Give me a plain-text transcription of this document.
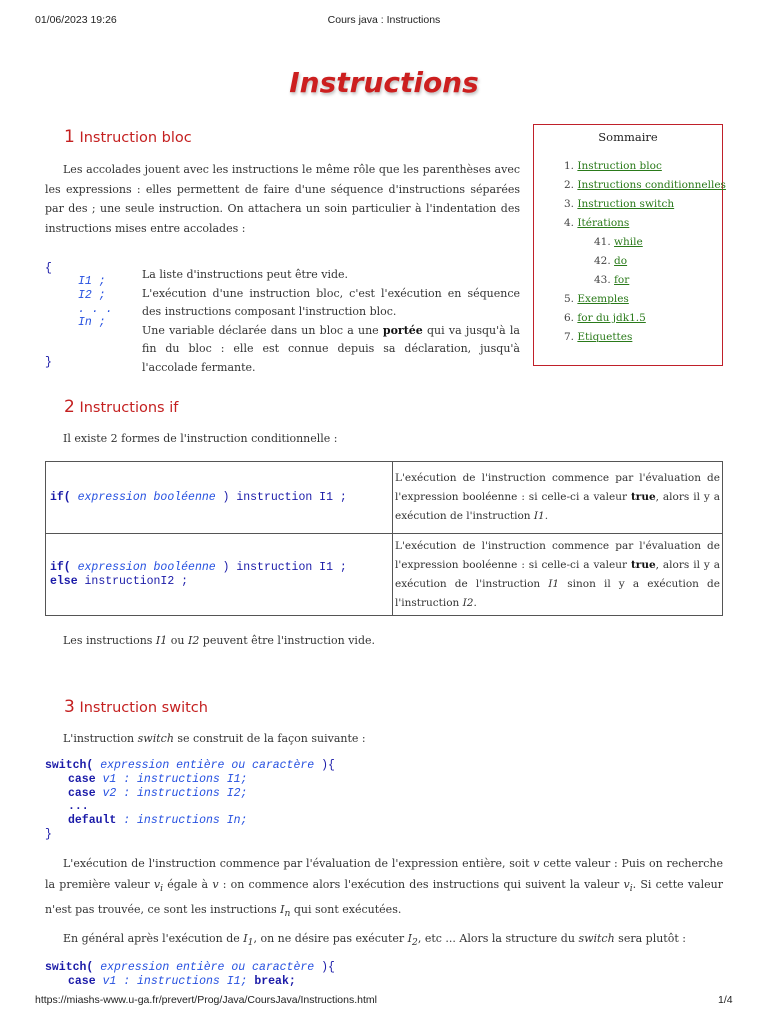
01/06/2023 19:26	Cours java : Instructions
https://miashs-www.u-ga.fr/prevert/Prog/Java/CoursJava/Instructions.html	1/4
Instructions
Sommaire
1. Instruction bloc
2. Instructions conditionnelles
3. Instruction switch
4. Itérations
41. while
42. do
43. for
5. Exemples
6. for du jdk1.5
7. Etiquettes
1 Instruction bloc
Les accolades jouent avec les instructions le même rôle que les parenthèses avec les expressions : elles permettent de faire d'une séquence d'instructions séparées par des ; une seule instruction. On attachera un soin particulier à l'indentation des instructions mises entre accolades :
{
I1 ;
I2 ;
. . .
In ;
}
La liste d'instructions peut être vide.
L'exécution d'une instruction bloc, c'est l'exécution en séquence des instructions composant l'instruction bloc.
Une variable déclarée dans un bloc a une portée qui va jusqu'à la fin du bloc : elle est connue depuis sa déclaration, jusqu'à l'accolade fermante.
2 Instructions if
Il existe 2 formes de l'instruction conditionnelle :
if( expression booléenne ) instruction I1 ;	L'exécution de l'instruction commence par l'évaluation de l'expression booléenne : si celle-ci a valeur true, alors il y a exécution de l'instruction I1.
if( expression booléenne ) instruction I1 ;
else instructionI2 ;	L'exécution de l'instruction commence par l'évaluation de l'expression booléenne : si celle-ci a valeur true, alors il y a exécution de l'instruction I1 sinon il y a exécution de l'instruction I2.
Les instructions I1 ou I2 peuvent être l'instruction vide.
3 Instruction switch
L'instruction switch se construit de la façon suivante :
switch( expression entière ou caractère ){
case v1 : instructions I1;
case v2 : instructions I2;
...
default : instructions In;
}
L'exécution de l'instruction commence par l'évaluation de l'expression entière, soit v cette valeur : Puis on recherche la première valeur $v_i$ égale à v : on commence alors l'exécution des instructions qui suivent la valeur $v_i$. Si cette valeur n'est pas trouvée, ce sont les instructions $I_n$ qui sont exécutées.
En général après l'exécution de $I_1$, on ne désire pas exécuter $I_2$, etc ... Alors la structure du switch sera plutôt :
switch( expression entière ou caractère ){
case v1 : instructions I1; break;
